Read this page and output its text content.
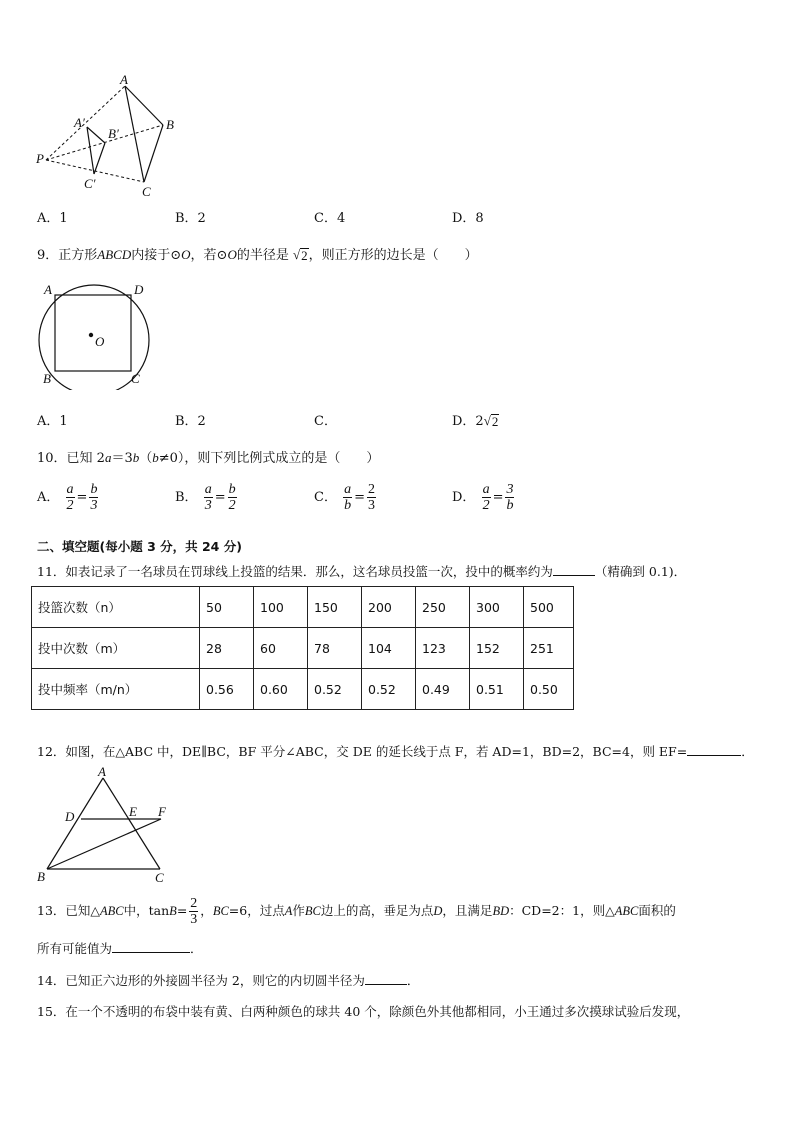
A
A′
B′
B
P
C′
C
A．1	B．2	C．4	D．8
9．正方形ABCD内接于⊙O，若⊙O的半径是 √ 2 ，则正方形的边长是（　　）
A	D
O
B	C
A．1	B．2	C．	D．2√ 2
10．已知 2a＝3b（b≠0），则下列比例式成立的是（　　）
A． $\frac{a}{2} = \frac{b}{3}$	B． $\frac{a}{3} = \frac{b}{2}$	C． $\frac{a}{b} = \frac{2}{3}$	D． $\frac{a}{2} = \frac{3}{b}$
二、填空题(每小题 3 分，共 24 分)
11．如表记录了一名球员在罚球线上投篮的结果．那么，这名球员投篮一次，投中的概率约为	（精确到 0.1)．
投篮次数（n）	50	100	150	200	250	300	500
投中次数（m）	28	60	78	104	123	152	251
投中频率（m/n）	0.56	0.60	0.52	0.52	0.49	0.51	0.50
12．如图，在△ABC 中，DE∥BC，BF 平分∠ABC，交 DE 的延长线于点 F，若 AD=1，BD=2，BC=4，则 EF=	．
A
D	E F
B	C
13．已知△ABC中，$\tan B= \frac{2}{3}$ ，BC=6，过点A作BC边上的高，垂足为点D，且满足BD：CD=2：1，则△ABC面积的
所有可能值为	．
14．已知正六边形的外接圆半径为 2，则它的内切圆半径为	．
15．在一个不透明的布袋中装有黄、白两种颜色的球共 40 个，除颜色外其他都相同，小王通过多次摸球试验后发现，
